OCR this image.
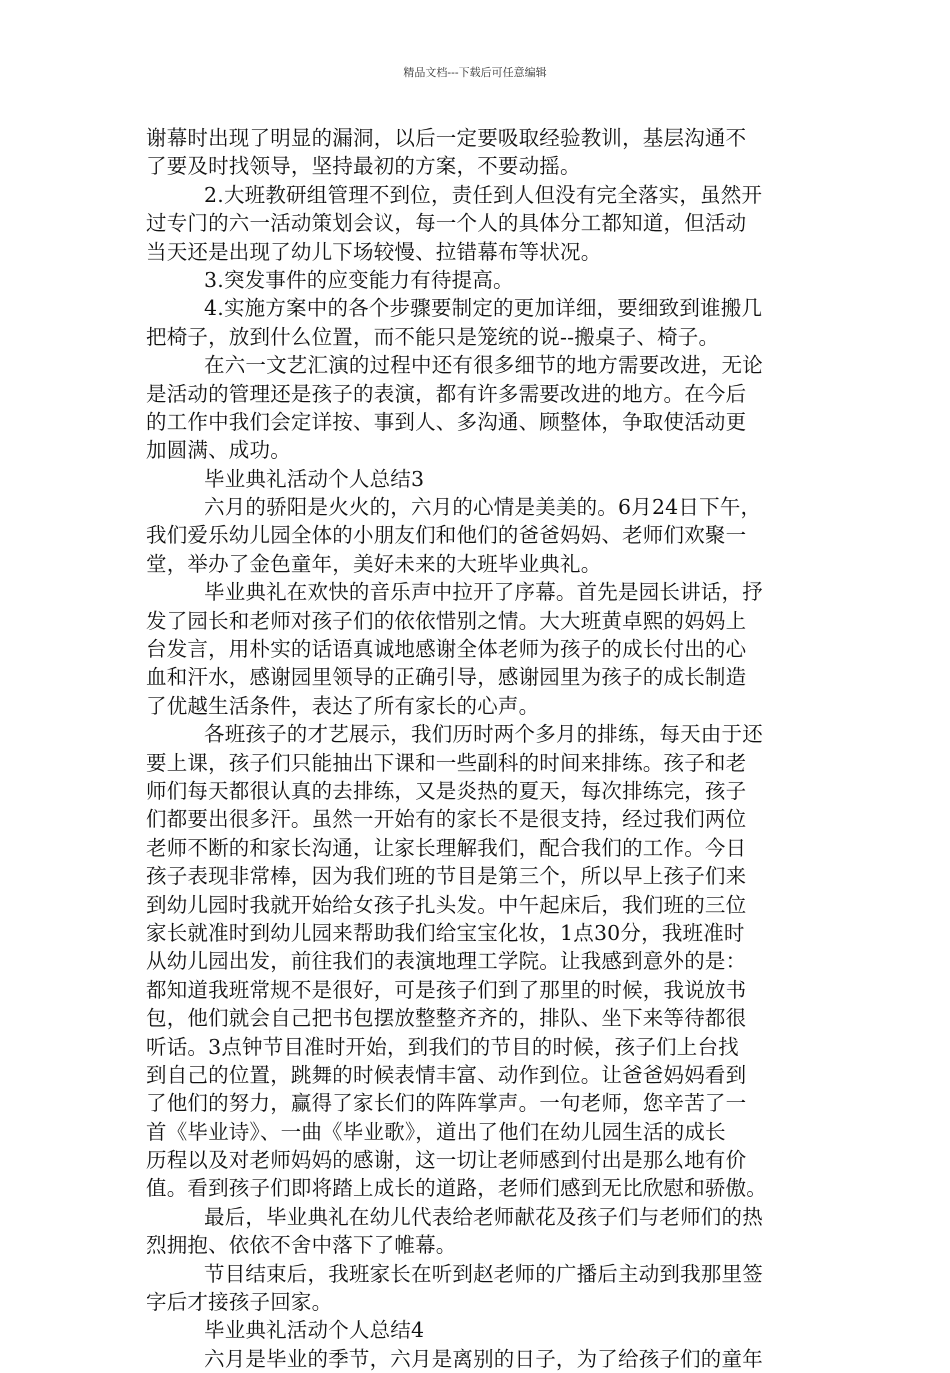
精品文档---下载后可任意编辑
谢幕时出现了明显的漏洞，以后一定要吸取经验教训，基层沟通不
了要及时找领导，坚持最初的方案，不要动摇。
2.大班教研组管理不到位，责任到人但没有完全落实，虽然开
过专门的六一活动策划会议，每一个人的具体分工都知道，但活动
当天还是出现了幼儿下场较慢、拉错幕布等状况。
3.突发事件的应变能力有待提高。
4.实施方案中的各个步骤要制定的更加详细，要细致到谁搬几
把椅子，放到什么位置，而不能只是笼统的说--搬桌子、椅子。
在六一文艺汇演的过程中还有很多细节的地方需要改进，无论
是活动的管理还是孩子的表演，都有许多需要改进的地方。在今后
的工作中我们会定详按、事到人、多沟通、顾整体，争取使活动更
加圆满、成功。
毕业典礼活动个人总结3
六月的骄阳是火火的，六月的心情是美美的。6月24日下午，
我们爱乐幼儿园全体的小朋友们和他们的爸爸妈妈、老师们欢聚一
堂，举办了金色童年，美好未来的大班毕业典礼。
毕业典礼在欢快的音乐声中拉开了序幕。首先是园长讲话，抒
发了园长和老师对孩子们的依依惜别之情。大大班黄卓熙的妈妈上
台发言，用朴实的话语真诚地感谢全体老师为孩子的成长付出的心
血和汗水，感谢园里领导的正确引导，感谢园里为孩子的成长制造
了优越生活条件，表达了所有家长的心声。
各班孩子的才艺展示，我们历时两个多月的排练，每天由于还
要上课，孩子们只能抽出下课和一些副科的时间来排练。孩子和老
师们每天都很认真的去排练，又是炎热的夏天，每次排练完，孩子
们都要出很多汗。虽然一开始有的家长不是很支持，经过我们两位
老师不断的和家长沟通，让家长理解我们，配合我们的工作。今日
孩子表现非常棒，因为我们班的节目是第三个，所以早上孩子们来
到幼儿园时我就开始给女孩子扎头发。中午起床后，我们班的三位
家长就准时到幼儿园来帮助我们给宝宝化妆，1点30分，我班准时
从幼儿园出发，前往我们的表演地理工学院。让我感到意外的是：
都知道我班常规不是很好，可是孩子们到了那里的时候，我说放书
包，他们就会自己把书包摆放整整齐齐的，排队、坐下来等待都很
听话。3点钟节目准时开始，到我们的节目的时候，孩子们上台找
到自己的位置，跳舞的时候表情丰富、动作到位。让爸爸妈妈看到
了他们的努力，赢得了家长们的阵阵掌声。一句老师，您辛苦了一
首《毕业诗》、一曲《毕业歌》，道出了他们在幼儿园生活的成长
历程以及对老师妈妈的感谢，这一切让老师感到付出是那么地有价
值。看到孩子们即将踏上成长的道路，老师们感到无比欣慰和骄傲。
最后，毕业典礼在幼儿代表给老师献花及孩子们与老师们的热
烈拥抱、依依不舍中落下了帷幕。
节目结束后，我班家长在听到赵老师的广播后主动到我那里签
字后才接孩子回家。
毕业典礼活动个人总结4
六月是毕业的季节，六月是离别的日子，为了给孩子们的童年
